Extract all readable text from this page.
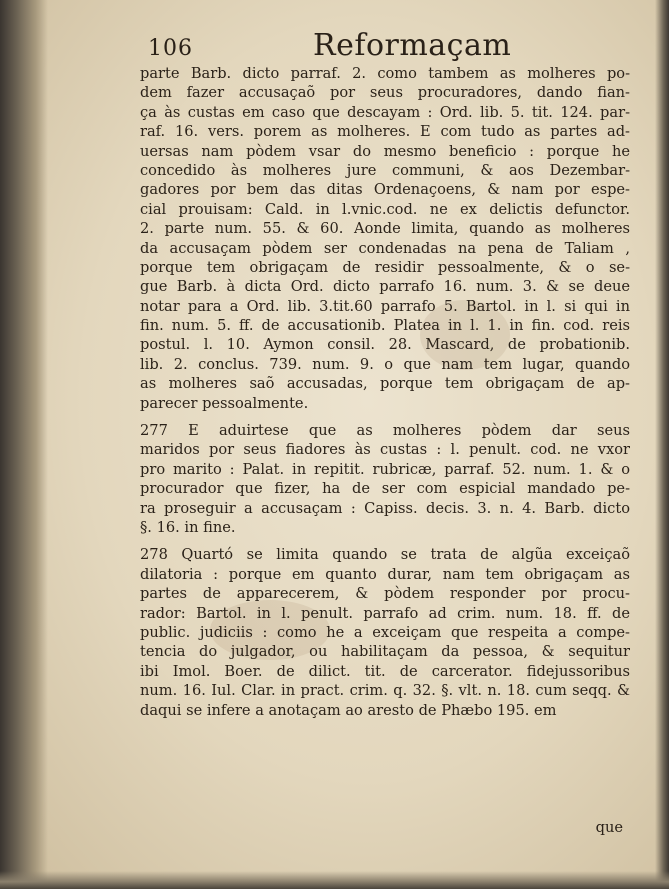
106	Reformaçam
parte Barb. dicto parraf. 2. como tambem as molheres po-
dem fazer accusaçaõ por seus procuradores, dando fian-
ça às custas em caso que descayam : Ord. lib. 5. tit. 124. par-
raf. 16. vers. porem as molheres. E com tudo as partes ad-
uersas nam pòdem vsar do mesmo beneficio : porque he
concedido às molheres jure communi, & aos Dezembar-
gadores por bem das ditas Ordenaçoens, & nam por espe-
cial prouisam: Cald. in l.vnic.cod. ne ex delictis defunctor.
2. parte num. 55. & 60. Aonde limita, quando as molheres
da accusaçam pòdem ser condenadas na pena de Taliam ,
porque tem obrigaçam de residir pessoalmente, & o se-
gue Barb. à dicta Ord. dicto parrafo 16. num. 3. & se deue
notar para a Ord. lib. 3.tit.60 parrafo 5. Bartol. in l. si qui in
fin. num. 5. ff. de accusationib. Platea in l. 1. in fin. cod. reis
postul. l. 10. Aymon consil. 28. Mascard, de probationib.
lib. 2. conclus. 739. num. 9. o que nam tem lugar, quando
as molheres saõ accusadas, porque tem obrigaçam de ap-
parecer pessoalmente.
277 E aduirtese que as molheres pòdem dar seus
maridos por seus fiadores às custas : l. penult. cod. ne vxor
pro marito : Palat. in repitit. rubricæ, parraf. 52. num. 1. & o
procurador que fizer, ha de ser com espicial mandado pe-
ra proseguir a accusaçam : Capiss. decis. 3. n. 4. Barb. dicto
§. 16. in fine.
278 Quartó se limita quando se trata de algũa exceiçaõ
dilatoria : porque em quanto durar, nam tem obrigaçam as
partes de apparecerem, & pòdem responder por procu-
rador: Bartol. in l. penult. parrafo ad crim. num. 18. ff. de
public. judiciis : como he a exceiçam que respeita a compe-
tencia do julgador, ou habilitaçam da pessoa, & sequitur
ibi Imol. Boer. de dilict. tit. de carcerator. fidejussoribus
num. 16. Iul. Clar. in pract. crim. q. 32. §. vlt. n. 18. cum seqq. &
daqui se infere a anotaçam ao aresto de Phæbo 195. em
que
